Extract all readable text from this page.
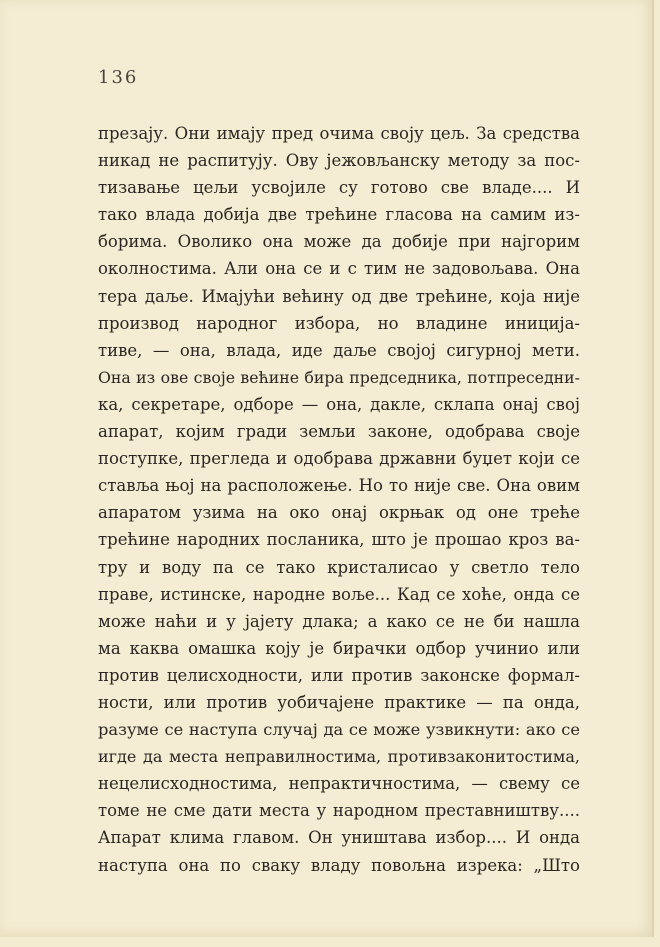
136
презају. Они имају пред очима своју цељ. За средства
никад не распитују. Ову јежовљанску методу за пос-
тизавање цељи усвојиле су готово све владе.... И
тако влада добија две трећине гласова на самим из-
борима. Оволико она може да добије при најгорим
околностима. Али она се и с тим не задовољава. Она
тера даље. Имајући већину од две трећине, која није
производ народног избора, но владине иниција-
тиве, — она, влада, иде даље својој сигурној мети.
Она из ове своје већине бира председника, потпреседни-
ка, секретаре, одборе — она, дакле, склапа онај свој
апарат, којим гради земљи законе, одобрава своје
поступке, прегледа и одобрава државни буџет који се
ставља њој на расположење. Но то није све. Она овим
апаратом узима на око онај окрњак од оне треће
трећине народних посланика, што је прошао кроз ва-
тру и воду па се тако кристалисао у светло тело
праве, истинске, народне воље... Кад се хоће, онда се
може наћи и у јајету длака; а како се не би нашла
ма каква омашка коју је бирачки одбор учинио или
против целисходности, или против законске формал-
ности, или против уобичајене практике — па онда,
разуме се наступа случај да се може узвикнути: ако се
игде да места неправилностима, противзаконитостима,
нецелисходностима, непрактичностима, — свему се
томе не сме дати места у народном преставништву....
Апарат клима главом. Он уништава избор.... И онда
наступа она по сваку владу повољна изрека: „Што
